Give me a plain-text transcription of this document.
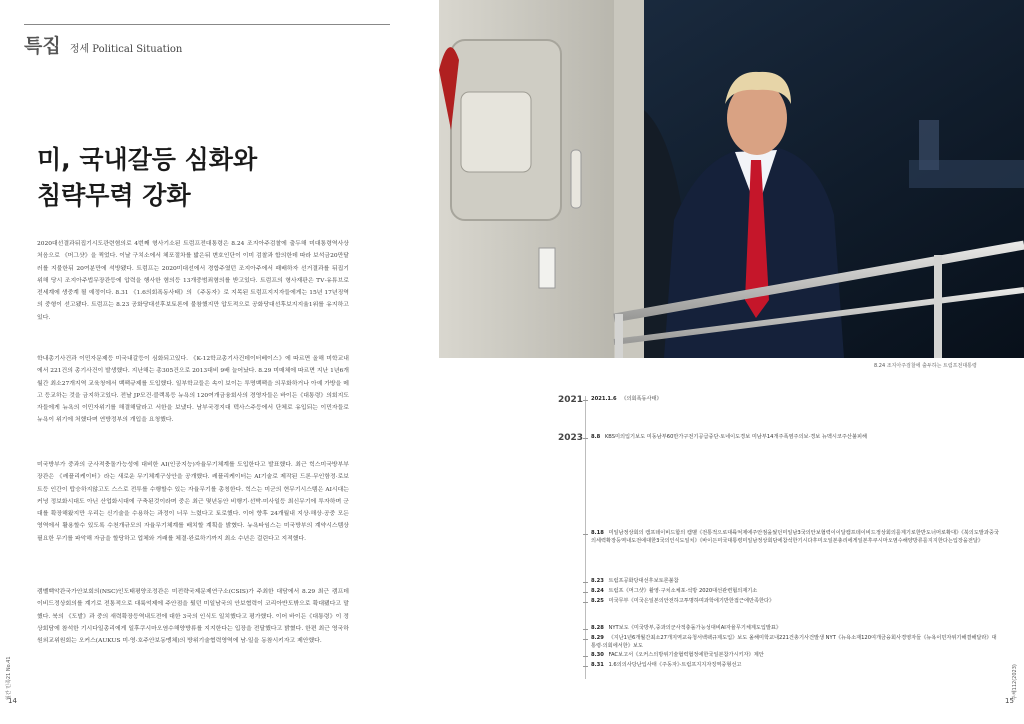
특집 정세 Political Situation
미, 국내갈등 심화와
침략무력 강화

2020대선결과뒤집기시도관련혐의로 4번째 형사기소된 트럼프전대통령은 8.24 조지아주검찰에 출두해 미대통령역사상 처음으로 《머그샷》을 찍었다. 이날 구치소에서 체포절차를 밟은뒤 변호인단이 이미 검찰과 합의한데 따라 보석금20만달러를 지불한뒤 20여분만에 석방됐다. 트럼프는 2020미대선에서 경합주였던 조지아주에서 패배하자 선거결과를 뒤집기 위해 당시 조지아주법무장관등에 압력을 행사한 혐의등 13개중범죄혐의를 받고있다. 트럼프의 형사재판은 TV·유튜브로 전세계에 생중계 될 예정이다. 8.31 《1.6의회폭동사태》의 《주동자》로 지목된 트럼프지지자들에게는 15년 17년징역의 중형이 선고됐다. 트럼프는 8.23 공화당대선후보토론에 불참했지만 압도적으로 공화당대선후보지지율1위를 유지하고있다.

학내총기사건과 이민자문제등 미국내갈등이 심화되고있다. 《K-12학교총기사건데이터베이스》에 따르면 올해 미학교내에서 221건의 총기사건이 발생했다. 지난해는 총305건으로 2013대비 9배 늘어났다. 8.29 미매체에 따르면 지난 1년6개월간 최소27개지역 교육청에서 백팩규제를 도입했다. 일부학교들은 속이 보이는 투명백팩을 의무화하거나 아예 가방을 메고 등교하는 것을 금지하고있다. 전날 JP모건·블랙록등 뉴욕의 120여개금융회사의 경영자들은 바이든《대통령》의회지도자들에게 뉴욕의 이민자위기를 해결해달라고 서한을 보냈다. 남부국경지대 텍사스주등에서 단체로 유입되는 이민자들로 뉴욕이 위기에 처했다며 연방정부의 개입을 요청했다.

미국방부가 중과의 군사적충돌가능성에 대비한 AI(인공지능)자율무기체계를 도입한다고 발표했다. 최근 힉스미국방부부장관은 《레플리케이터》라는 새로운 무기체계구상안을 공개했다. 레플리케이터는 AI기술로 제작된 드론·무인함정·로보트등 인간이 탑승하지않고도 스스로 전투를 수행할수 있는 자율무기를 총칭한다. 힉스는 미군의 현무기시스템은 AI시대는커녕 정보화시대도 아닌 산업화시대에 구축된것이라며 중은 최근 몇년동안 비행기·선박·미사일등 최신무기에 투자하며 군대를 확장해왔지만 우리는 신기술을 수용하는 과정이 너무 느렸다고 토로했다. 이어 향후 24개월내 지상·해상·공중 모든 영역에서 활용할수 있도록 수천개규모의 자율무기체계를 배치할 계획을 밝혔다. 뉴욕타임스는 미국방부의 계약시스템상 필요한 무기를 파악해 자금을 할당하고 업체와 거래를 체결·완료하기까지 최소 수년은 걸린다고 지적했다.

캠벨백악관국가안보회의(NSC)인도태평양조정관은 미전략국제문제연구소(CSIS)가 주최한 대담에서 8.29 최근 캠프데이비드정상회의를 계기로 전통적으로 대륙억제에 주안점을 뒀던 미일남국의 안보협력이 코리아반도밖으로 확대됐다고 말했다. 북의 《도발》과 중의 새력확장등역내도전에 대한 3국의 인식도 일치했다고 평가했다. 이어 바이든《대통령》이 정상회담에 참석한 기시다일총리에게 일후쿠시마오염수해양방류를 지지한다는 입장을 전달했다고 밝혔다. 한편 최근 영국하원외교위원회는 오커스(AUKUS 미·영·호주안보동맹체)의 방위기술협력영역에 남·일을 동참시키자고 제안했다.

월간 민족21 No.41
14
8.24 조지아주검찰에 출두하는 트럼프전대통령
2021 2021.1.6 《의회폭동사태》

2023 8.8 KBS미의입기보도 미동남부60만가구전기공급중단·토네이도경보 미남부14개주폭염주의보·경보 뉴멕시코주산불피해

8.18 미일남정상회의 캠프데이비드합의 캠벨《전통적으로대륙억제에주안점을뒀던미일남3국의안보협력이이달캠프데이비드정상회의를계기로한반도너머로확대》《북의도발과중국의세력확장등역내도전에대한3국의인식도일치》《바이든미국대통령미일남정상회담에참석한기시다후미오일본총리에게일본후쿠시마오염수해양방류를지지한다는입장을전달》

8.23 트럼프공화당대선후보토론불참

8.24 트럼프《머그샷》촬영·구치소체포·석방 2020대선관련혐의재기소

8.25 미국무부《미국은일본의안전하고투명하며과학에기반한접근에만족한다》

8.28 NYT보도《미국방부,중과의군사적충돌가능성대비AI자율무기체계도입발표》

8.29 《지난1년6개월간최소27개지역교육청서백팩규제도입》보도 올해미학교내221건총기사건발생 NYT《뉴욕소재120여개금융회사경영자들《뉴욕이민자위기해결해달라》대통령·의회에서한》보도

8.30 FAC보고서《오커스의방위기술협력협정에한국일본참가시키자》제안

8.31 1.6의의사당난입사태《주동자》·트럼프지지자징역중형선고	주체112(2023)
15
